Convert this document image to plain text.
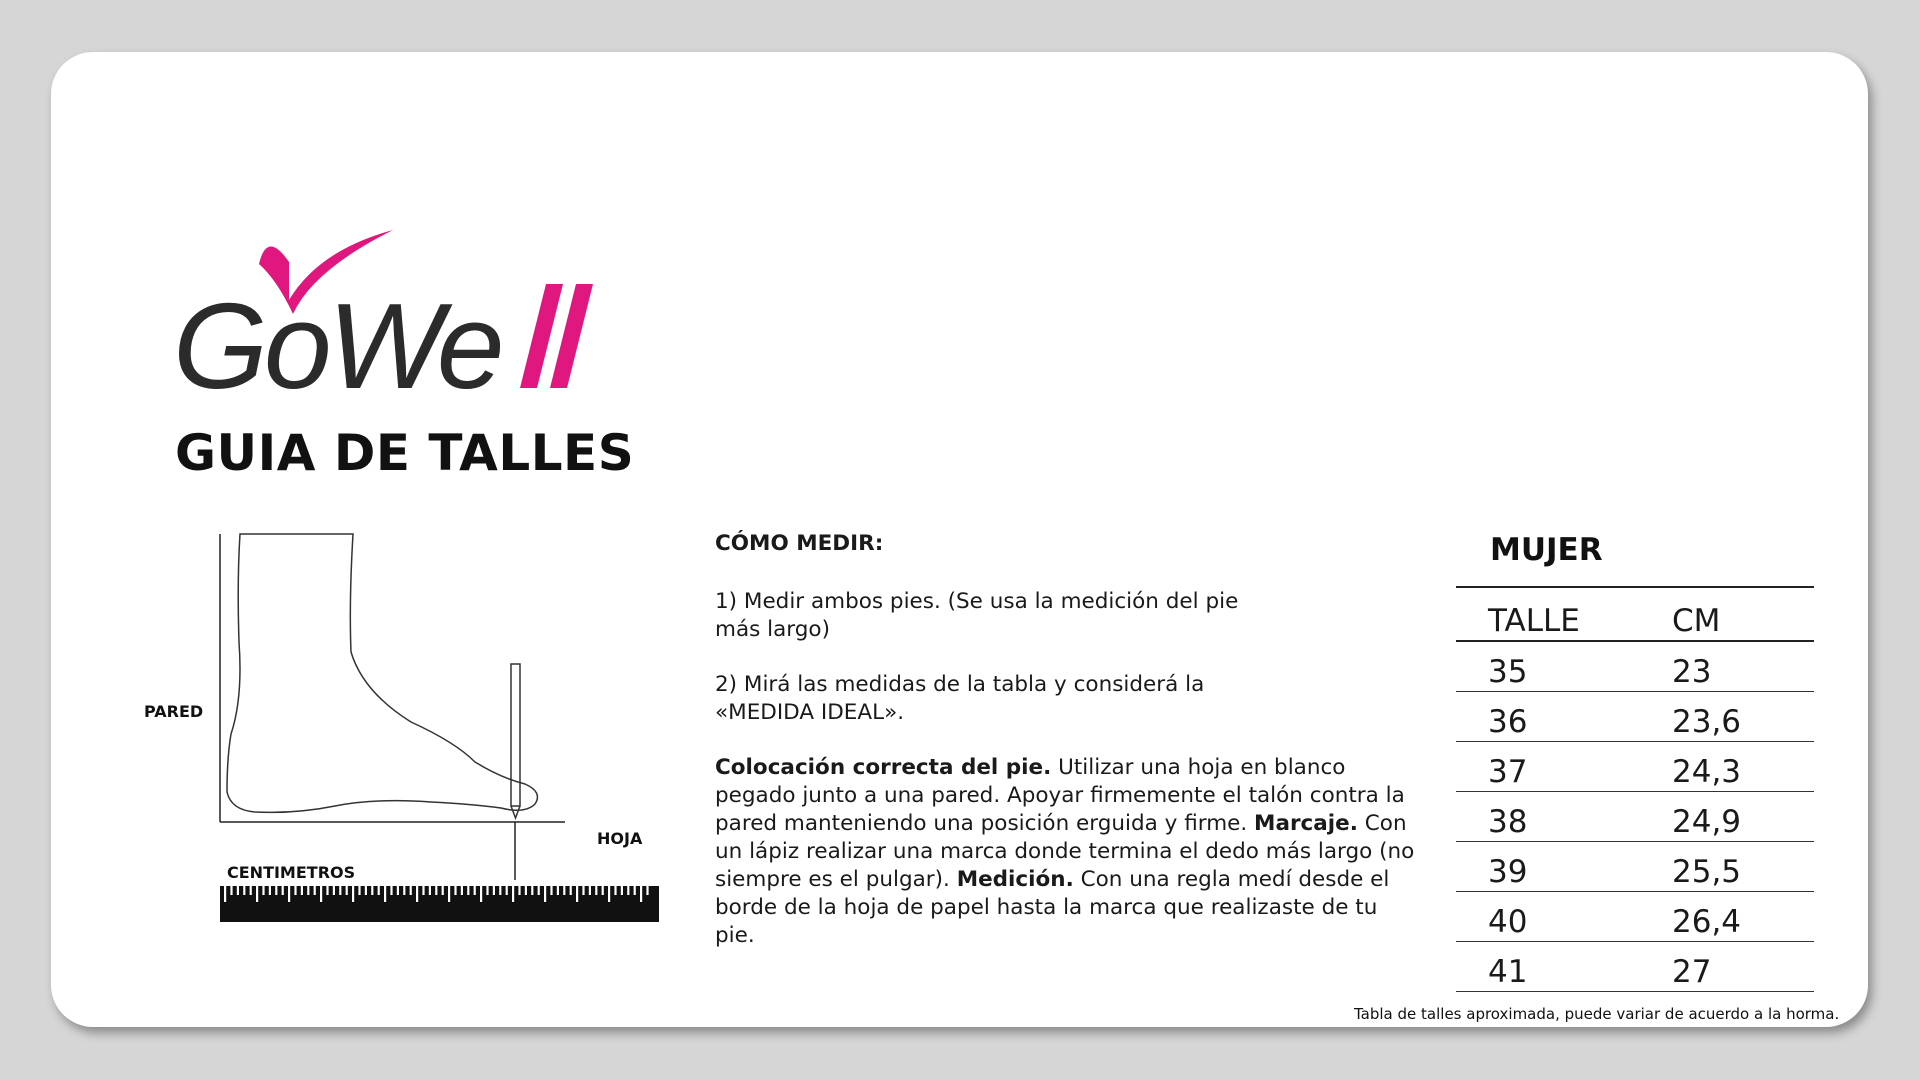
GoWe
GUIA DE TALLES
PARED
HOJA
CENTIMETROS
CÓMO MEDIR:
1) Medir ambos pies. (Se usa la medición del pie más largo)
2) Mirá las medidas de la tabla y considerá la «MEDIDA IDEAL».
Colocación correcta del pie. Utilizar una hoja en blanco pegado junto a una pared. Apoyar firmemente el talón contra la pared manteniendo una posición erguida y firme. Marcaje. Con un lápiz realizar una marca donde termina el dedo más largo (no siempre es el pulgar). Medición. Con una regla medí desde el borde de la hoja de papel hasta la marca que realizaste de tu pie.
MUJER
TALLE	CM
35	23
36	23,6
37	24,3
38	24,9
39	25,5
40	26,4
41	27
Tabla de talles aproximada, puede variar de acuerdo a la horma.
